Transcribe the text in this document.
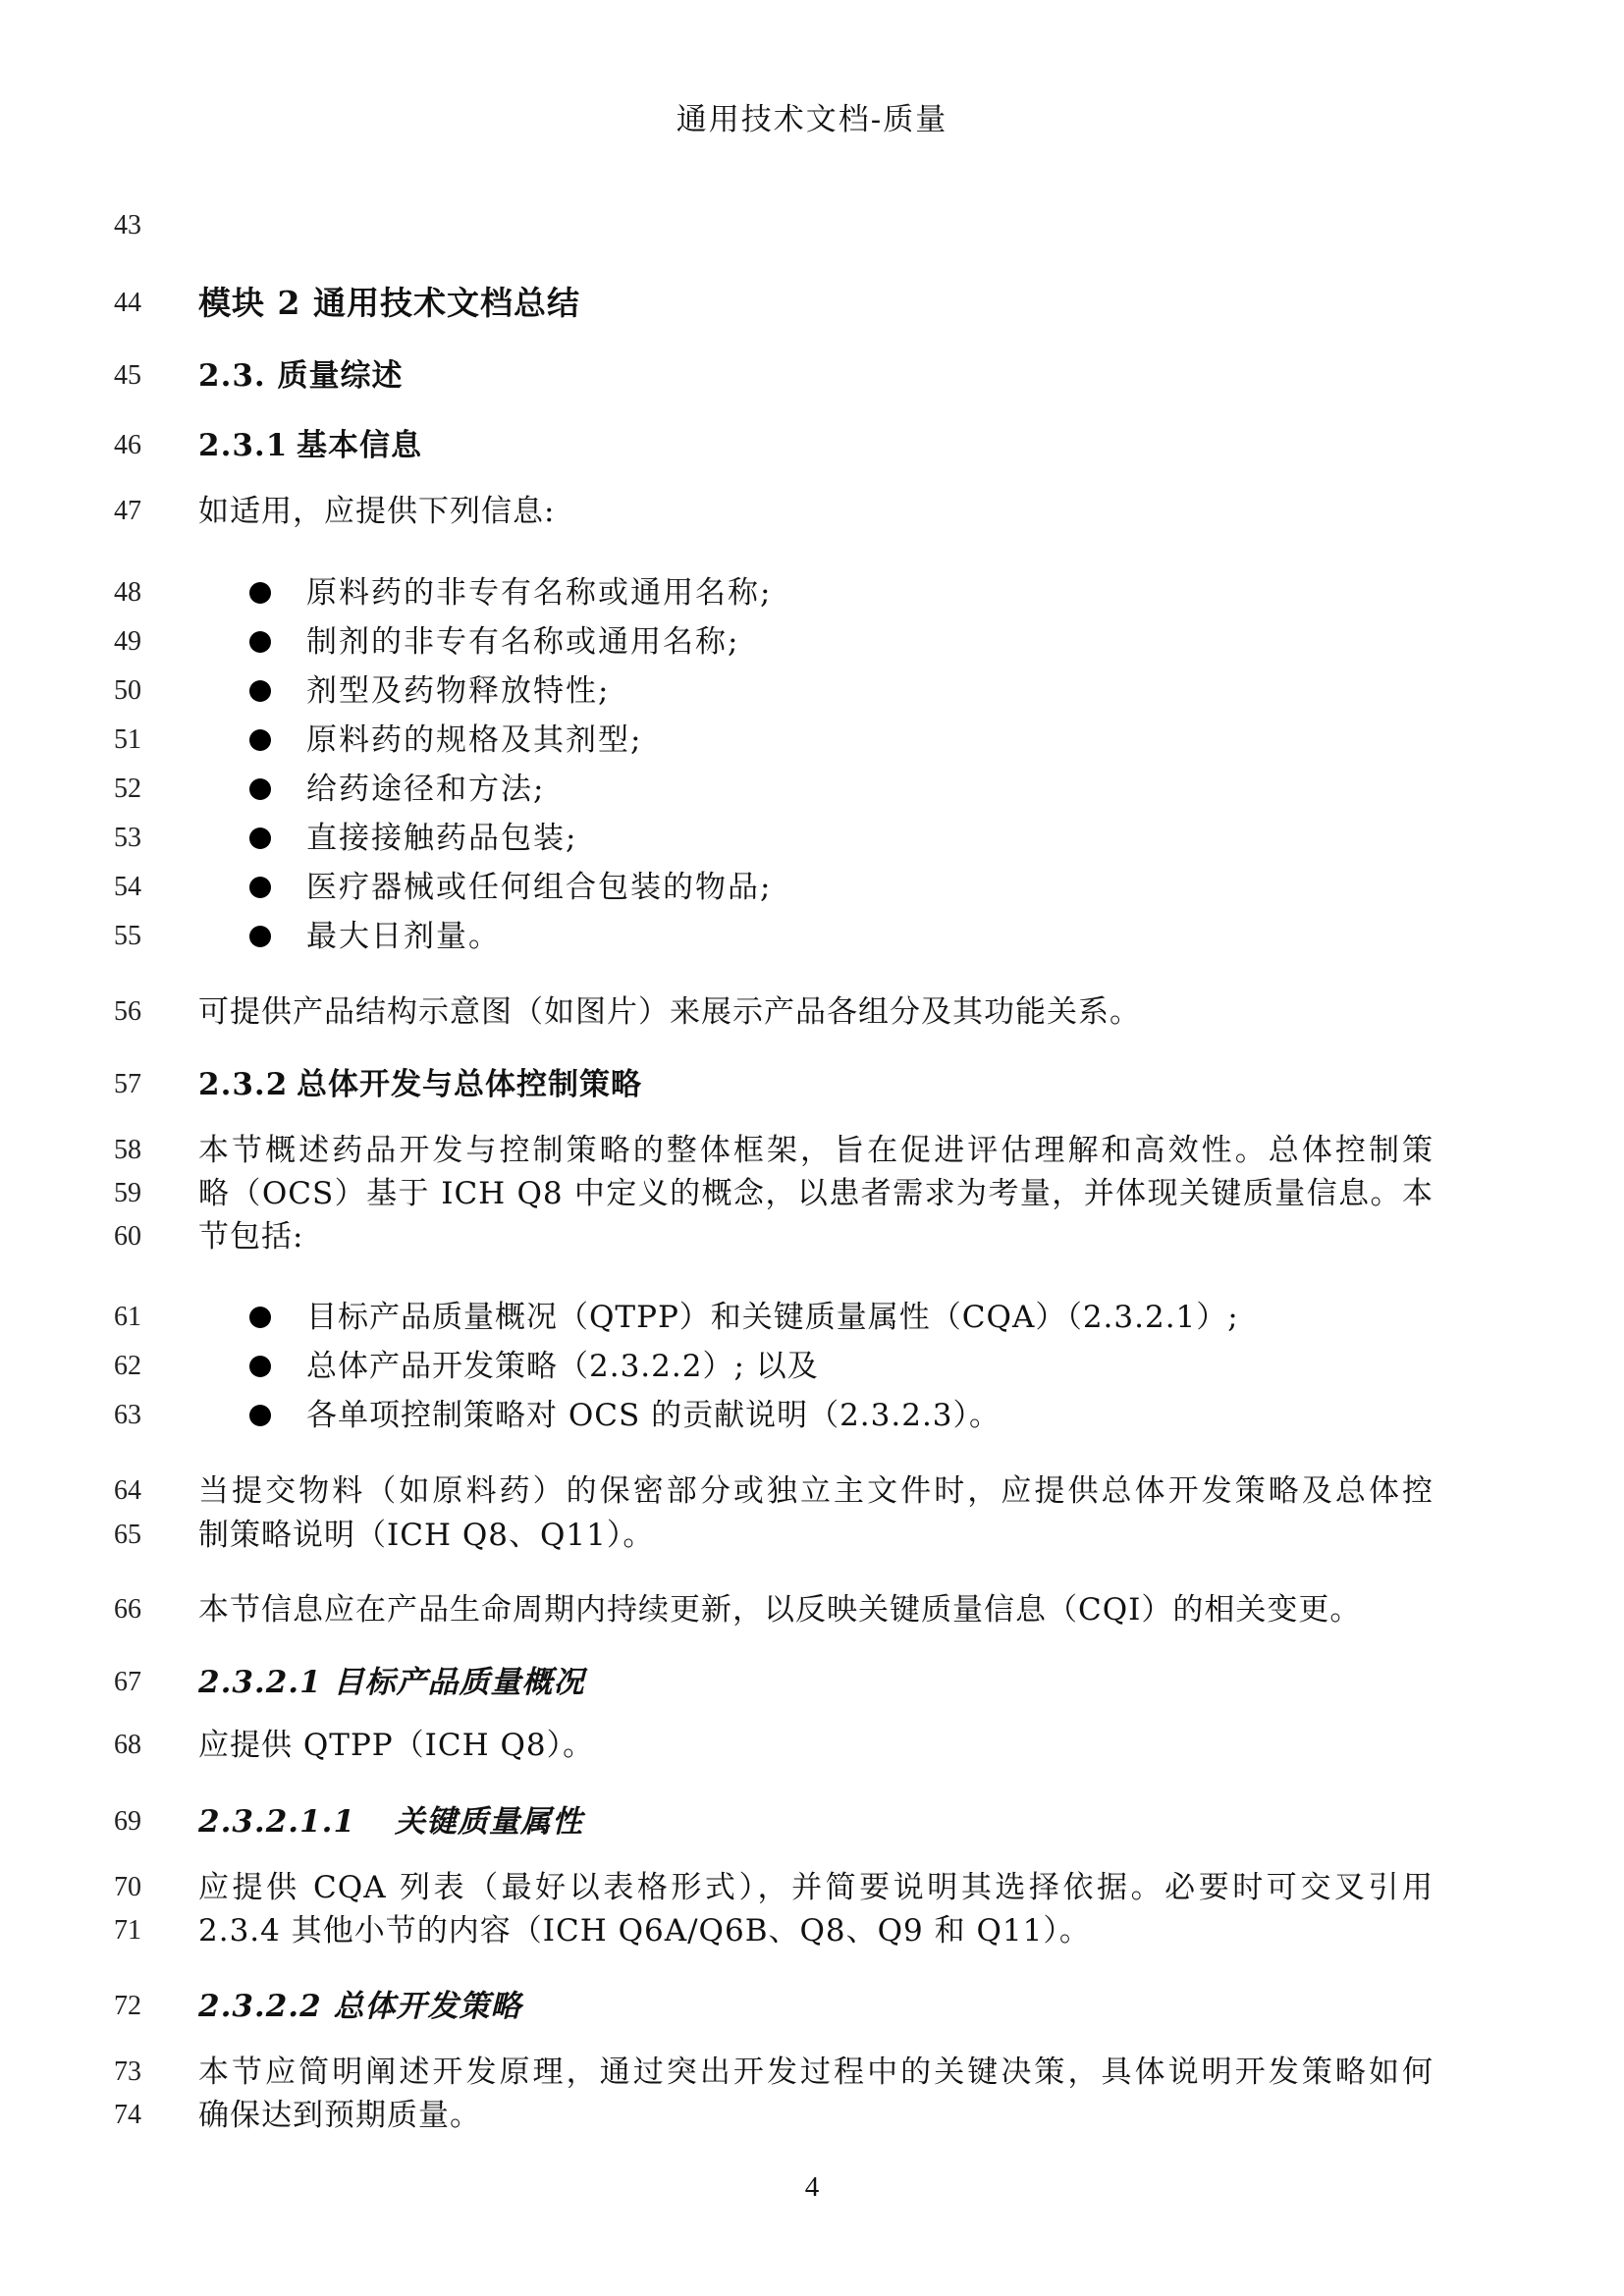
通用技术文档-质量
43
44	模块 2 通用技术文档总结
45	2.3. 质量综述
46	2.3.1 基本信息
47	如适用，应提供下列信息:
48	原料药的非专有名称或通用名称;
49	制剂的非专有名称或通用名称;
50	剂型及药物释放特性;
51	原料药的规格及其剂型;
52	给药途径和方法;
53	直接接触药品包装;
54	医疗器械或任何组合包装的物品;
55	最大日剂量。
56	可提供产品结构示意图（如图片）来展示产品各组分及其功能关系。
57	2.3.2 总体开发与总体控制策略
58	本节概述药品开发与控制策略的整体框架，旨在促进评估理解和高效性。总体控制策
59	略（OCS）基于 ICH Q8 中定义的概念，以患者需求为考量，并体现关键质量信息。本
60	节包括:
61	目标产品质量概况（QTPP）和关键质量属性（CQA）（2.3.2.1）;
62	总体产品开发策略（2.3.2.2）; 以及
63	各单项控制策略对 OCS 的贡献说明（2.3.2.3）。
64	当提交物料（如原料药）的保密部分或独立主文件时，应提供总体开发策略及总体控
65	制策略说明（ICH Q8、Q11）。
66	本节信息应在产品生命周期内持续更新，以反映关键质量信息（CQI）的相关变更。
67	2.3.2.1 目标产品质量概况
68	应提供 QTPP（ICH Q8）。
69	2.3.2.1.1 关键质量属性
70	应提供 CQA 列表（最好以表格形式），并简要说明其选择依据。必要时可交叉引用
71	2.3.4 其他小节的内容（ICH Q6A/Q6B、Q8、Q9 和 Q11）。
72	2.3.2.2 总体开发策略
73	本节应简明阐述开发原理，通过突出开发过程中的关键决策，具体说明开发策略如何
74	确保达到预期质量。
4
